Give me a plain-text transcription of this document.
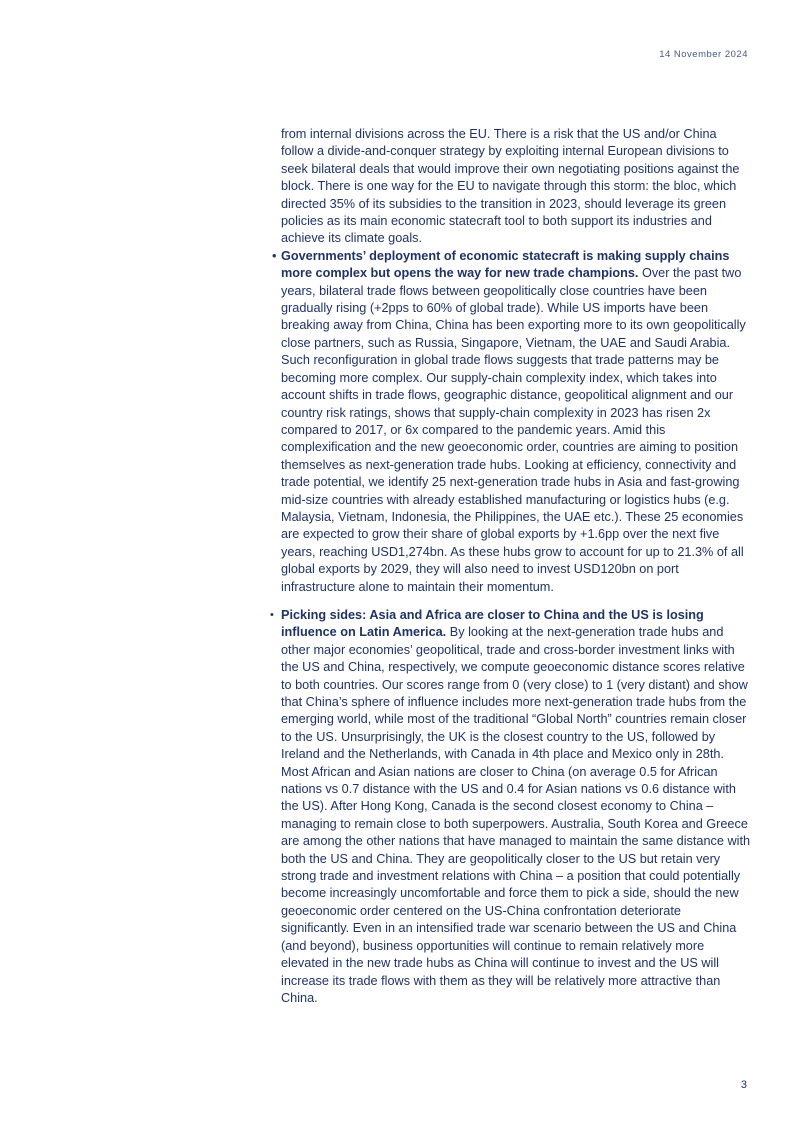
14 November 2024

from internal divisions across the EU. There is a risk that the US and/or China follow a divide-and-conquer strategy by exploiting internal European divisions to seek bilateral deals that would improve their own negotiating positions against the block. There is one way for the EU to navigate through this storm: the bloc, which directed 35% of its subsidies to the transition in 2023, should leverage its green policies as its main economic statecraft tool to both support its industries and achieve its climate goals.

• Governments’ deployment of economic statecraft is making supply chains more complex but opens the way for new trade champions. Over the past two years, bilateral trade flows between geopolitically close countries have been gradually rising (+2pps to 60% of global trade). While US imports have been breaking away from China, China has been exporting more to its own geopolitically close partners, such as Russia, Singapore, Vietnam, the UAE and Saudi Arabia. Such reconfiguration in global trade flows suggests that trade patterns may be becoming more complex. Our supply-chain complexity index, which takes into account shifts in trade flows, geographic distance, geopolitical alignment and our country risk ratings, shows that supply-chain complexity in 2023 has risen 2x compared to 2017, or 6x compared to the pandemic years. Amid this complexification and the new geoeconomic order, countries are aiming to position themselves as next-generation trade hubs. Looking at efficiency, connectivity and trade potential, we identify 25 next-generation trade hubs in Asia and fast-growing mid-size countries with already established manufacturing or logistics hubs (e.g. Malaysia, Vietnam, Indonesia, the Philippines, the UAE etc.). These 25 economies are expected to grow their share of global exports by +1.6pp over the next five years, reaching USD1,274bn. As these hubs grow to account for up to 21.3% of all global exports by 2029, they will also need to invest USD120bn on port infrastructure alone to maintain their momentum.

• Picking sides: Asia and Africa are closer to China and the US is losing influence on Latin America. By looking at the next-generation trade hubs and other major economies’ geopolitical, trade and cross-border investment links with the US and China, respectively, we compute geoeconomic distance scores relative to both countries. Our scores range from 0 (very close) to 1 (very distant) and show that China’s sphere of influence includes more next-generation trade hubs from the emerging world, while most of the traditional “Global North” countries remain closer to the US. Unsurprisingly, the UK is the closest country to the US, followed by Ireland and the Netherlands, with Canada in 4th place and Mexico only in 28th. Most African and Asian nations are closer to China (on average 0.5 for African nations vs 0.7 distance with the US and 0.4 for Asian nations vs 0.6 distance with the US). After Hong Kong, Canada is the second closest economy to China – managing to remain close to both superpowers. Australia, South Korea and Greece are among the other nations that have managed to maintain the same distance with both the US and China. They are geopolitically closer to the US but retain very strong trade and investment relations with China – a position that could potentially become increasingly uncomfortable and force them to pick a side, should the new geoeconomic order centered on the US-China confrontation deteriorate significantly. Even in an intensified trade war scenario between the US and China (and beyond), business opportunities will continue to remain relatively more elevated in the new trade hubs as China will continue to invest and the US will increase its trade flows with them as they will be relatively more attractive than China.

3
